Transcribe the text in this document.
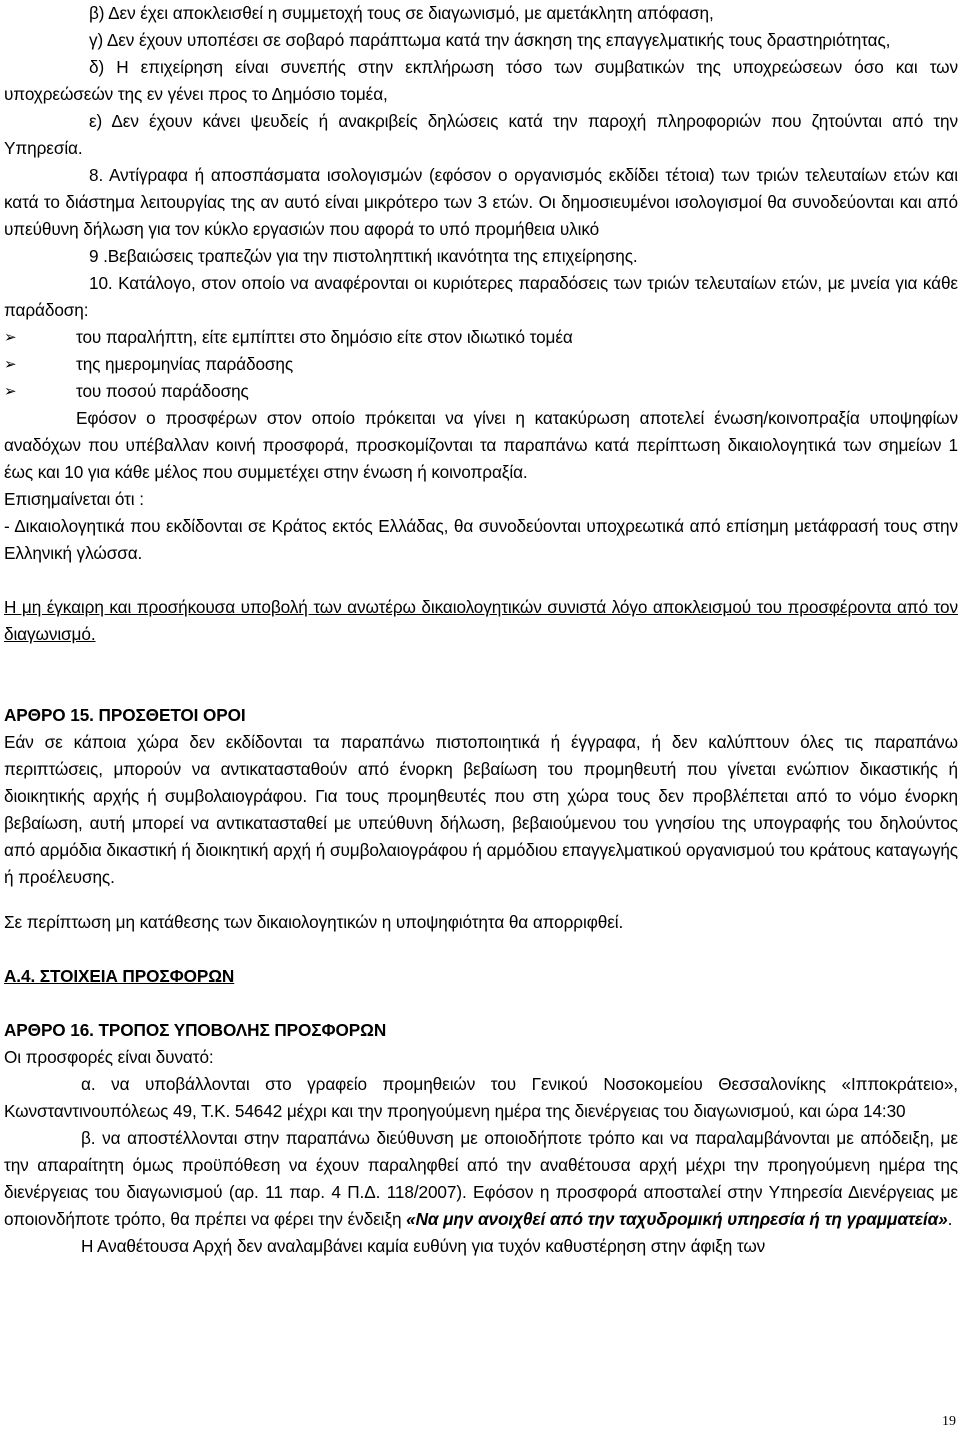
β) Δεν έχει αποκλεισθεί η συμμετοχή τους σε διαγωνισμό, με αμετάκλητη απόφαση,

γ) Δεν έχουν υποπέσει σε σοβαρό παράπτωμα κατά την άσκηση της επαγγελματικής τους δραστηριότητας,

δ) Η επιχείρηση είναι συνεπής στην εκπλήρωση τόσο των συμβατικών της υποχρεώσεων όσο και των υποχρεώσεών της εν γένει προς το Δημόσιο τομέα,

ε) Δεν έχουν κάνει ψευδείς ή ανακριβείς δηλώσεις κατά την παροχή πληροφοριών που ζητούνται από την Υπηρεσία.

8. Αντίγραφα ή αποσπάσματα ισολογισμών (εφόσον ο οργανισμός εκδίδει τέτοια) των τριών τελευταίων ετών και κατά το διάστημα λειτουργίας της αν αυτό είναι μικρότερο των 3 ετών. Οι δημοσιευμένοι ισολογισμοί θα συνοδεύονται και από υπεύθυνη δήλωση για τον κύκλο εργασιών που αφορά το υπό προμήθεια υλικό

9 .Βεβαιώσεις τραπεζών για την πιστοληπτική ικανότητα της επιχείρησης.

10. Κατάλογο, στον οποίο να αναφέρονται οι κυριότερες παραδόσεις των τριών τελευταίων ετών, με μνεία για κάθε παράδοση:

➢	του παραλήπτη, είτε εμπίπτει στο δημόσιο είτε στον ιδιωτικό τομέα
➢	της ημερομηνίας παράδοσης
➢	του ποσού παράδοσης

Εφόσον ο προσφέρων στον οποίο πρόκειται να γίνει η κατακύρωση αποτελεί ένωση/κοινοπραξία υποψηφίων αναδόχων που υπέβαλλαν κοινή προσφορά, προσκομίζονται τα παραπάνω κατά περίπτωση δικαιολογητικά των σημείων 1 έως και 10 για κάθε μέλος που συμμετέχει στην ένωση ή κοινοπραξία.

Επισημαίνεται ότι :

- Δικαιολογητικά που εκδίδονται σε Κράτος εκτός Ελλάδας, θα συνοδεύονται υποχρεωτικά από επίσημη μετάφρασή τους στην Ελληνική γλώσσα.

Η μη έγκαιρη και προσήκουσα υποβολή των ανωτέρω δικαιολογητικών συνιστά λόγο αποκλεισμού του προσφέροντα από τον διαγωνισμό.

ΑΡΘΡΟ 15. ΠΡΟΣΘΕΤΟΙ ΟΡΟΙ

Εάν σε κάποια χώρα δεν εκδίδονται τα παραπάνω πιστοποιητικά ή έγγραφα, ή δεν καλύπτουν όλες τις παραπάνω περιπτώσεις, μπορούν να αντικατασταθούν από ένορκη βεβαίωση του προμηθευτή που γίνεται ενώπιον δικαστικής ή διοικητικής αρχής ή συμβολαιογράφου. Για τους προμηθευτές που στη χώρα τους δεν προβλέπεται από το νόμο ένορκη βεβαίωση, αυτή μπορεί να αντικατασταθεί με υπεύθυνη δήλωση, βεβαιούμενου του γνησίου της υπογραφής του δηλούντος από αρμόδια δικαστική ή διοικητική αρχή ή συμβολαιογράφου ή αρμόδιου επαγγελματικού οργανισμού του κράτους καταγωγής ή προέλευσης.

Σε περίπτωση μη κατάθεσης των δικαιολογητικών η υποψηφιότητα θα απορριφθεί.

Α.4. ΣΤΟΙΧΕΙΑ ΠΡΟΣΦΟΡΩΝ

ΑΡΘΡΟ 16. ΤΡΟΠΟΣ ΥΠΟΒΟΛΗΣ ΠΡΟΣΦΟΡΩΝ

Οι προσφορές είναι δυνατό:

α. να υποβάλλονται στο γραφείο προμηθειών του Γενικού Νοσοκομείου Θεσσαλονίκης «Ιπποκράτειο», Κωνσταντινουπόλεως 49, Τ.Κ. 54642 μέχρι και την προηγούμενη ημέρα της διενέργειας του διαγωνισμού, και ώρα 14:30

β. να αποστέλλονται στην παραπάνω διεύθυνση με οποιοδήποτε τρόπο και να παραλαμβάνονται με απόδειξη, με την απαραίτητη όμως προϋπόθεση να έχουν παραληφθεί από την αναθέτουσα αρχή μέχρι την προηγούμενη ημέρα της διενέργειας του διαγωνισμού (αρ. 11 παρ. 4 Π.Δ. 118/2007). Εφόσον η προσφορά αποσταλεί στην Υπηρεσία Διενέργειας με οποιονδήποτε τρόπο, θα πρέπει να φέρει την ένδειξη «Να μην ανοιχθεί από την ταχυδρομική υπηρεσία ή τη γραμματεία».

Η Αναθέτουσα Αρχή δεν αναλαμβάνει καμία ευθύνη για τυχόν καθυστέρηση στην άφιξη των

19
